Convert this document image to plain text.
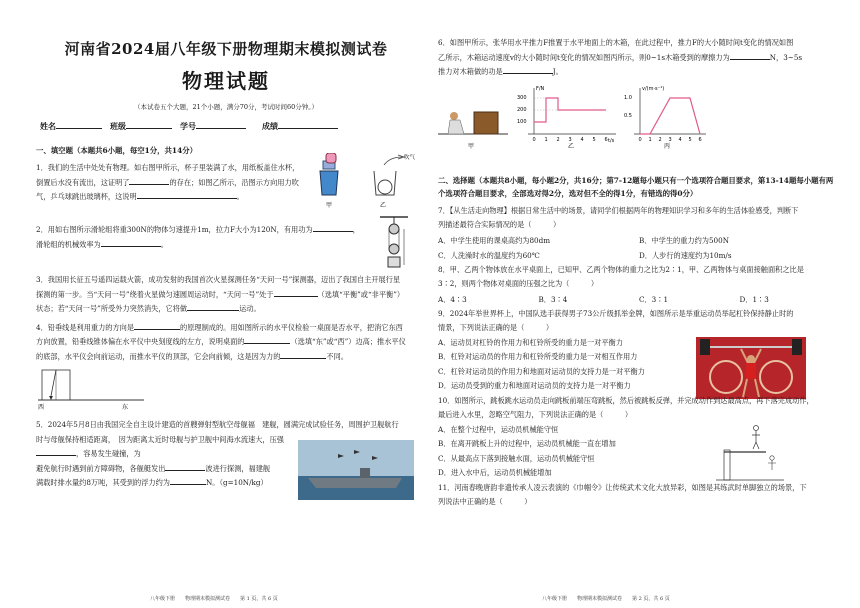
河南省2024届八年级下册物理期末模拟测试卷
物理试题
（本试卷五个大题，21个小题，满分70分，考试时间60分钟。）
姓名	班级	学号	成绩
一、填空题（本题共6小题，每空1分，共14分）

1．我们的生活中处处有物理。如右图甲所示，杯子里装满了水，用纸板盖住水杯，

倒置后水没有流出，这证明了	的存在；如图乙所示，沿图示方向用力吹

气，乒乓球跳出玻璃杯，这说明	。

甲	乙
吹气

2．用如右图所示滑轮组将重300N的物体匀速提升1m，拉力F大小为120N，有用功为	，

滑轮组的机械效率为	。

3．我国用长征五号遥四运载火箭，成功发射的我国首次火星探测任务“天问一号”探测器，迈出了我国自主开展行星

探测的第一步。当“天问一号”绕着火星做匀速圆周运动时，“天问一号”处于	（选填“平衡”或“非平衡”）

状态；若“天问一号”所受外力突然消失，它将做	运动。

4．铅垂线是利用重力的方向是	的原理制成的。用如图所示的水平仪检验一桌面是否水平，把消它东西

方向放置，铅垂线锥体偏在水平仪中央刻度线的左方，说明桌面的	（选填“东”或“西”）边高；推水平仪

的底部，水平仪会向前运动，而推水平仪的顶部，它会向前倾，这是因为力的	不同。

西	东

5．2024年5月8日由我国完全自主设计建造的首艘弹射型航空母舰福　建舰，圆满完成试验任务，周围护卫舰航行

时与母舰保持相适距离，　因为距离太近时母舰与护卫舰中间海水流速大，压强，容易发生碰撞，为

避免航行时遇到前方障碍物，各舰艇发出	波进行探测，福建舰

满载时排水量约8万吨，其受到的浮力约为	N。（g=10N/kg）

八年级下册　　物理期末模拟测试卷　　第 1 页，共 6 页

6．如图甲所示，张华用水平推力F推置于水平地面上的木箱，在此过程中，推力F的大小随时间t变化的情况如图

乙所示，木箱运动速度v的大小随时间t变化的情况如图丙所示，则0~1s木箱受到的摩擦力为	N，3~5s

推力对木箱做的功是	J。

甲
F/N
300
200
100
乙
t/s
v/(m·s⁻¹)
1.0
0.5
丙
0 1 2 3 4 5 6	0 1 2 3 4 5 6
二、选择题（本题共8小题，每小题2分，共16分；第7-12题每小题只有一个选项符合题目要求，第13-14题每小题有两个选项符合题目要求，全部选对得2分，选对但不全的得1分，有错选的得0分）

7．【从生活走向物理】根据日常生活中的场景，请同学们根据两年的物理知识学习和多年的生活体验感受，判断下

列描述最符合实际情况的是（　　　）

A．中学生使用的课桌高约为80dm	B．中学生的重力约为500N
C．人洗澡时水的温度约为60℃	D．人步行的速度约为10m/s

8．甲、乙两个物体放在水平桌面上，已知甲、乙两个物体的重力之比为2∶1，甲、乙两物体与桌面接触面积之比是

3∶2，则两个物体对桌面的压强之比为（　　　）

A．4∶3	B．3∶4	C．3∶1	D．1∶3

9．2024年举世界杯上，中国队选手获得男子73公斤级抓举金牌，如图所示是举重运动员举起杠铃保持静止时的

情景，下列说法正确的是（　　　）

A．运动员对杠铃的作用力和杠铃所受的重力是一对平衡力

B．杠铃对运动员的作用力和杠铃所受的重力是一对相互作用力

C．杠铃对运动员的作用力和地面对运动员的支持力是一对平衡力

D．运动员受到的重力和地面对运动员的支持力是一对平衡力

10．如图所示，跳板跳水运动员走向跳板前端压弯跳板，然后被跳板反弹，并完成动作到达最高点，再下落完成动作，

最后进入水里，忽略空气阻力，下列说法正确的是（　　　）

A．在整个过程中，运动员机械能守恒

B．在离开跳板上升的过程中，运动员机械能一直在增加

C．从最高点下落到接触水面，运动员机械能守恒

D．进入水中后，运动员机械能增加

11．河南春晚唐韵非遗传承人凌云表演的《巾帼令》让传统武术文化大放异彩，如图是其练武时单脚独立的场景，下

列说法中正确的是（　　　）

八年级下册　　物理期末模拟测试卷　　第 2 页，共 6 页
